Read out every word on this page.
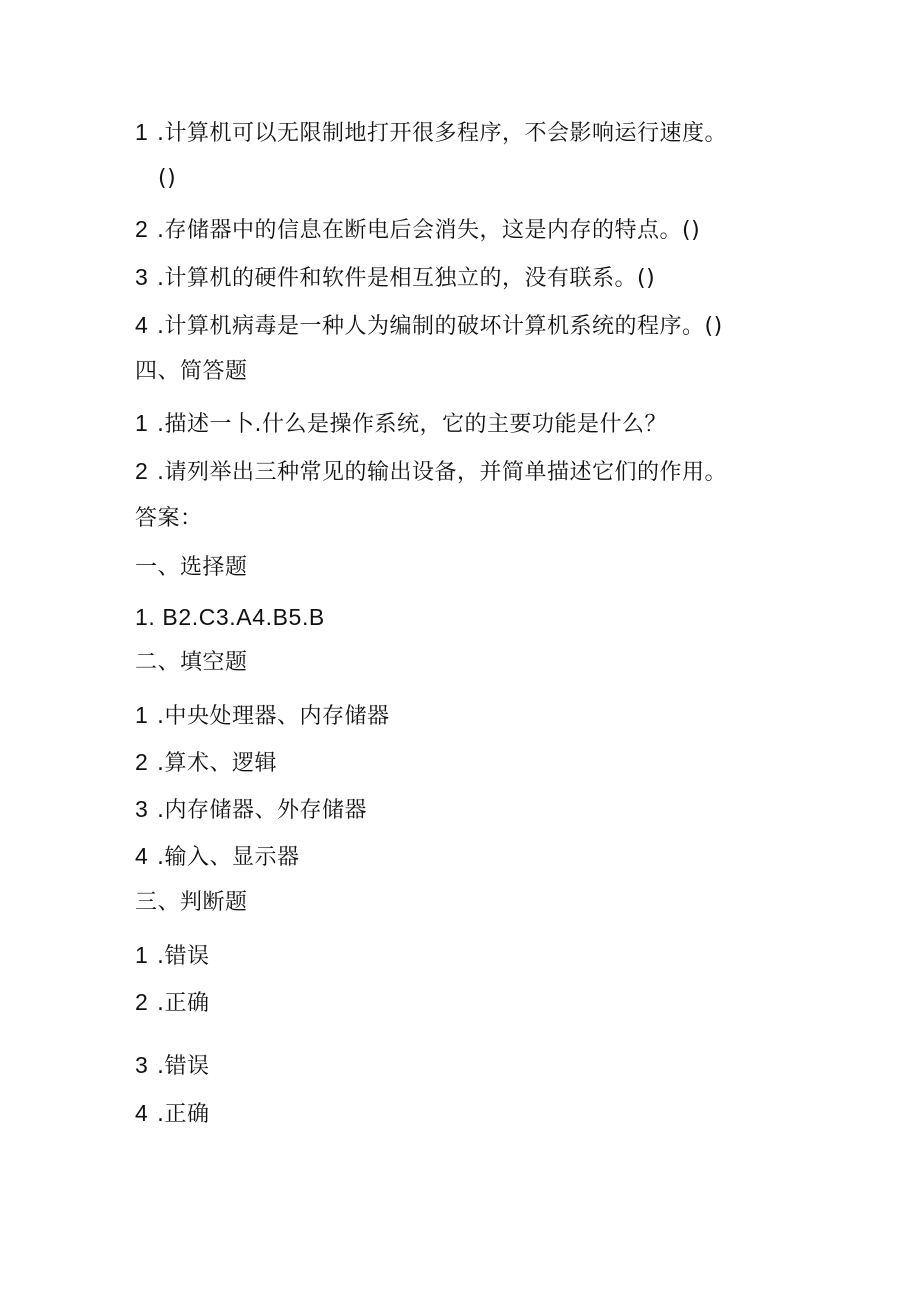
1 .计算机可以无限制地打开很多程序，不会影响运行速度。
()
2 .存储器中的信息在断电后会消失，这是内存的特点。()
3 .计算机的硬件和软件是相互独立的，没有联系。()
4 .计算机病毒是一种人为编制的破坏计算机系统的程序。()
四、简答题
1 .描述一卜.什么是操作系统，它的主要功能是什么？
2 .请列举出三种常见的输出设备，并简单描述它们的作用。
答案：
一、选择题
1. B2.C3.A4.B5.B
二、填空题
1 .中央处理器、内存储器
2 .算术、逻辑
3 .内存储器、外存储器
4 .输入、显示器
三、判断题
1 .错误
2 .正确
3 .错误
4 .正确
